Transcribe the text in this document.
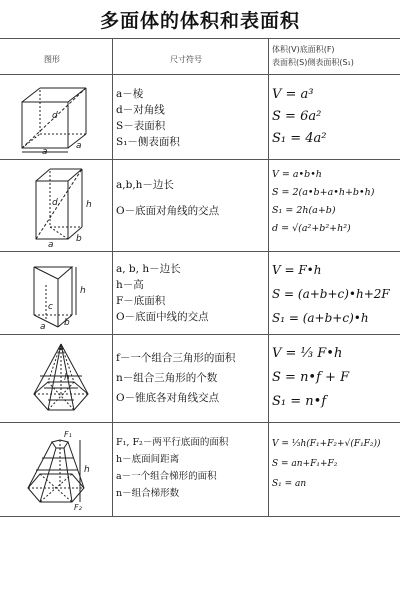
多面体的体积和表面积
图形	尺寸符号
体积(V)底面积(F)
表面积(S)侧表面积(S₁)
a
a
d
a－棱
d－对角线
S－表面积
S₁－侧表面积
V = a³
S = 6a²
S₁ = 4a²
h
d
a
b
a,b,h－边长
O－底面对角线的交点
V = a•b•h
S = 2(a•b+a•h+b•h)
S₁ = 2h(a+b)
d = √(a²+b²+h²)
h
c
b
a
a, b, h－边长
h－高
F－底面积
O－底面中线的交点
V = F•h
S = (a+b+c)•h+2F
S₁ = (a+b+c)•h
h
f－一个组合三角形的面积
n－组合三角形的个数
O－锥底各对角线交点
V = ⅓ F•h
S = n•f + F
S₁ = n•f
F₁
F₂
h
F₁, F₂－两平行底面的面积
h－底面间距离
a－一个组合梯形的面积
n－组合梯形数
V = ⅓h(F₁+F₂+√(F₁F₂))
S = an+F₁+F₂
S₁ = an
